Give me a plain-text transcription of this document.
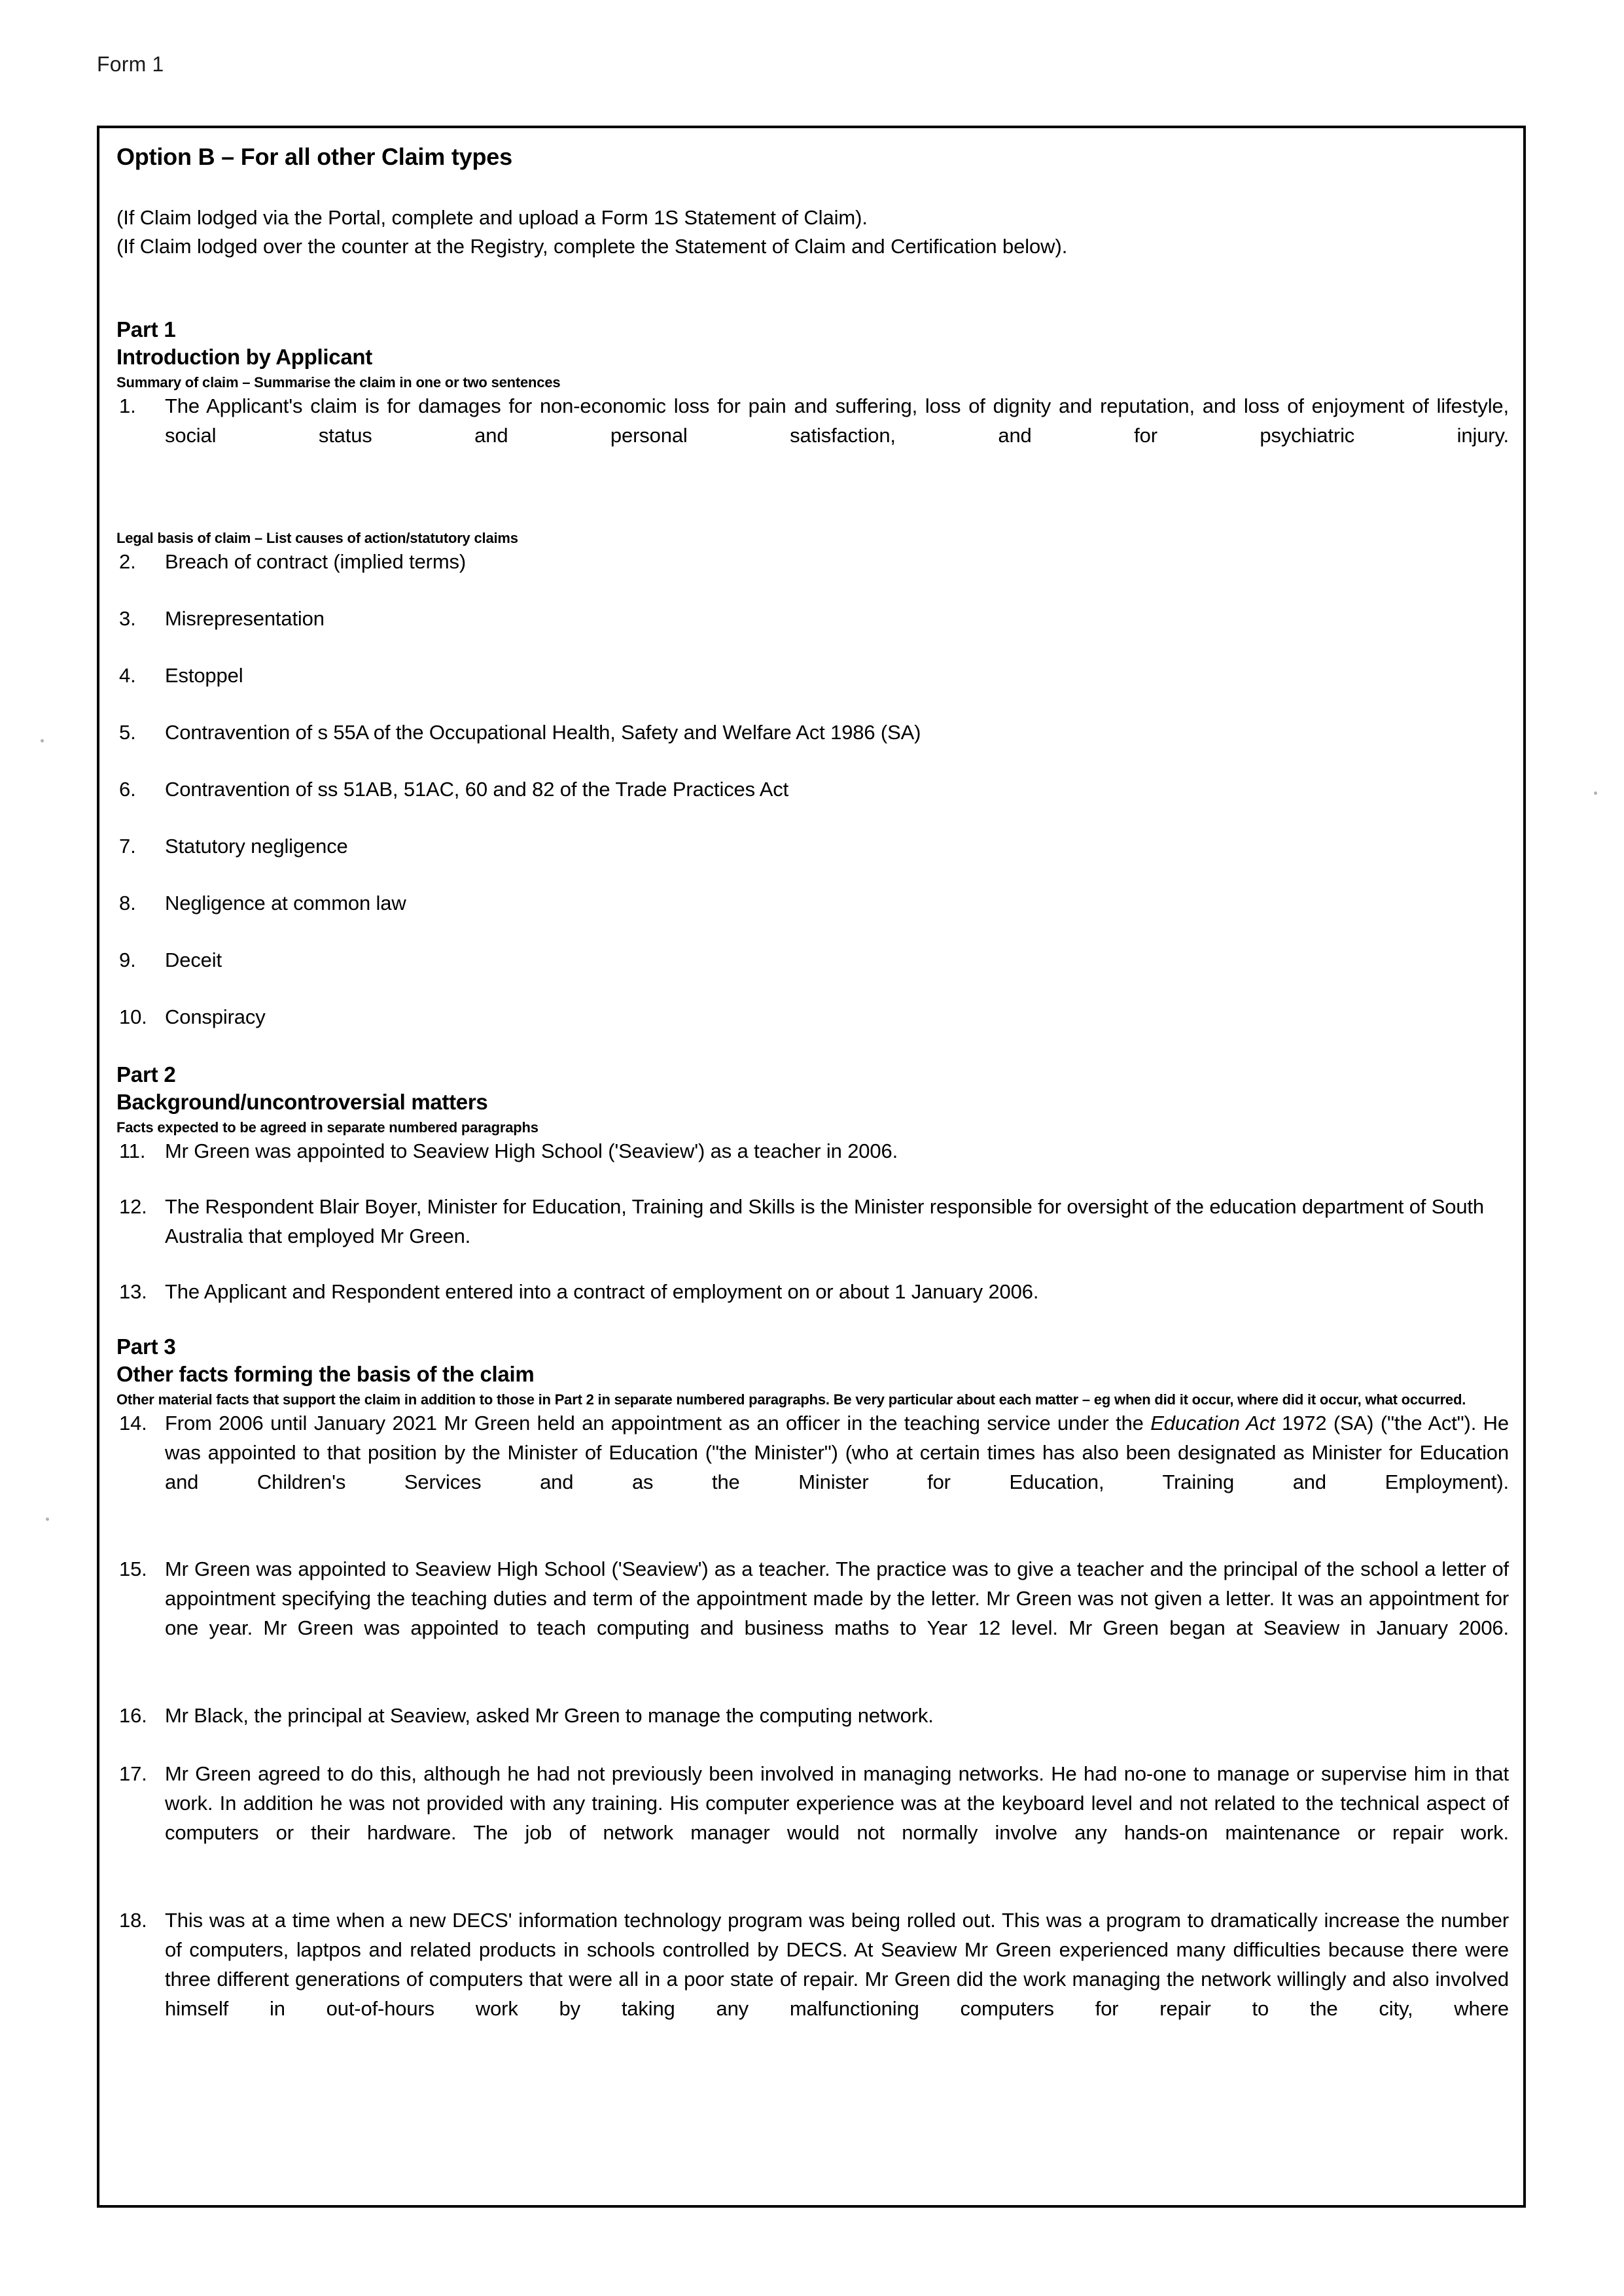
Form 1
Option B – For all other Claim types
(If Claim lodged via the Portal, complete and upload a Form 1S Statement of Claim).
(If Claim lodged over the counter at the Registry, complete the Statement of Claim and Certification below).
Part 1
Introduction by Applicant
Summary of claim – Summarise the claim in one or two sentences
1.	The Applicant's claim is for damages for non-economic loss for pain and suffering, loss of dignity and reputation, and loss of enjoyment of lifestyle, social status and personal satisfaction, and for psychiatric injury.
Legal basis of claim – List causes of action/statutory claims
2.	Breach of contract (implied terms)
3.	Misrepresentation
4.	Estoppel
5.	Contravention of s 55A of the Occupational Health, Safety and Welfare Act 1986 (SA)
6.	Contravention of ss 51AB, 51AC, 60 and 82 of the Trade Practices Act
7.	Statutory negligence
8.	Negligence at common law
9.	Deceit
10. Conspiracy
Part 2
Background/uncontroversial matters
Facts expected to be agreed in separate numbered paragraphs
11. Mr Green was appointed to Seaview High School ('Seaview') as a teacher in 2006.
12. The Respondent Blair Boyer, Minister for Education, Training and Skills is the Minister responsible for oversight of the education department of South Australia that employed Mr Green.
13. The Applicant and Respondent entered into a contract of employment on or about 1 January 2006.
Part 3
Other facts forming the basis of the claim
Other material facts that support the claim in addition to those in Part 2 in separate numbered paragraphs. Be very particular about each matter – eg when did it occur, where did it occur, what occurred.
14. From 2006 until January 2021 Mr Green held an appointment as an officer in the teaching service under the Education Act 1972 (SA) ("the Act"). He was appointed to that position by the Minister of Education ("the Minister") (who at certain times has also been designated as Minister for Education and Children's Services and as the Minister for Education, Training and Employment).
15. Mr Green was appointed to Seaview High School ('Seaview') as a teacher. The practice was to give a teacher and the principal of the school a letter of appointment specifying the teaching duties and term of the appointment made by the letter. Mr Green was not given a letter. It was an appointment for one year. Mr Green was appointed to teach computing and business maths to Year 12 level. Mr Green began at Seaview in January 2006.
16. Mr Black, the principal at Seaview, asked Mr Green to manage the computing network.
17. Mr Green agreed to do this, although he had not previously been involved in managing networks. He had no-one to manage or supervise him in that work. In addition he was not provided with any training. His computer experience was at the keyboard level and not related to the technical aspect of computers or their hardware. The job of network manager would not normally involve any hands-on maintenance or repair work.
18. This was at a time when a new DECS' information technology program was being rolled out. This was a program to dramatically increase the number of computers, laptpos and related products in schools controlled by DECS. At Seaview Mr Green experienced many difficulties because there were three different generations of computers that were all in a poor state of repair. Mr Green did the work managing the network willingly and also involved himself in out-of-hours work by taking any malfunctioning computers for repair to the city, where
